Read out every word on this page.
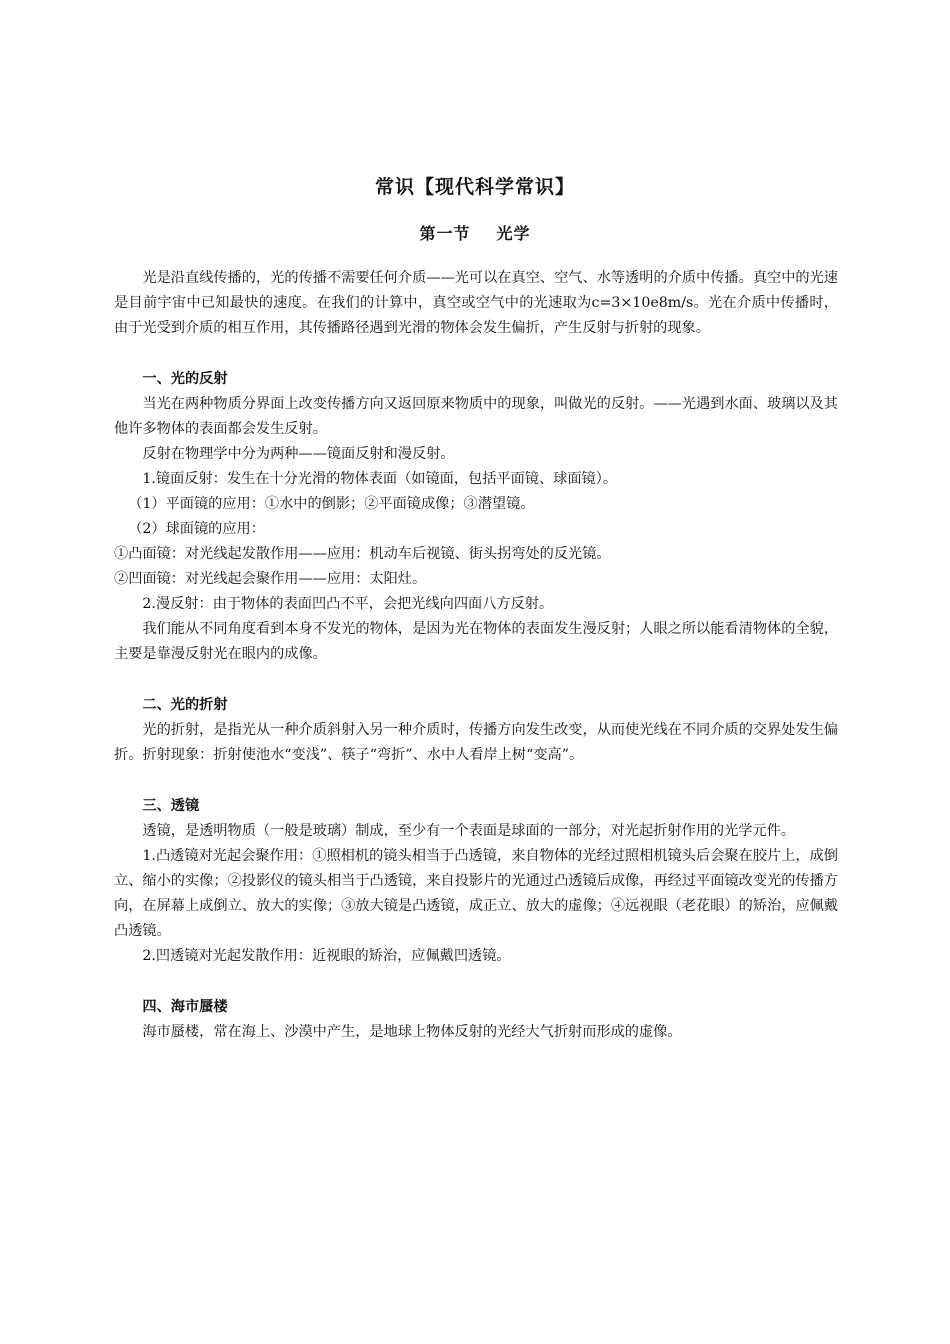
常识【现代科学常识】
第一节 光学

光是沿直线传播的，光的传播不需要任何介质——光可以在真空、空气、水等透明的介质中传播。真空中的光速是目前宇宙中已知最快的速度。在我们的计算中，真空或空气中的光速取为c=3×10e8m/s。光在介质中传播时，由于光受到介质的相互作用，其传播路径遇到光滑的物体会发生偏折，产生反射与折射的现象。

一、光的反射

当光在两种物质分界面上改变传播方向又返回原来物质中的现象，叫做光的反射。——光遇到水面、玻璃以及其他许多物体的表面都会发生反射。

反射在物理学中分为两种——镜面反射和漫反射。

1.镜面反射：发生在十分光滑的物体表面（如镜面，包括平面镜、球面镜）。

（1）平面镜的应用：①水中的倒影；②平面镜成像；③潜望镜。

（2）球面镜的应用：

①凸面镜：对光线起发散作用——应用：机动车后视镜、街头拐弯处的反光镜。

②凹面镜：对光线起会聚作用——应用：太阳灶。

2.漫反射：由于物体的表面凹凸不平，会把光线向四面八方反射。

我们能从不同角度看到本身不发光的物体，是因为光在物体的表面发生漫反射；人眼之所以能看清物体的全貌，主要是靠漫反射光在眼内的成像。

二、光的折射

光的折射，是指光从一种介质斜射入另一种介质时，传播方向发生改变，从而使光线在不同介质的交界处发生偏折。折射现象：折射使池水“变浅”、筷子“弯折”、水中人看岸上树“变高”。

三、透镜

透镜，是透明物质（一般是玻璃）制成，至少有一个表面是球面的一部分，对光起折射作用的光学元件。

1.凸透镜对光起会聚作用：①照相机的镜头相当于凸透镜，来自物体的光经过照相机镜头后会聚在胶片上，成倒立、缩小的实像；②投影仪的镜头相当于凸透镜，来自投影片的光通过凸透镜后成像，再经过平面镜改变光的传播方向，在屏幕上成倒立、放大的实像；③放大镜是凸透镜，成正立、放大的虚像；④远视眼（老花眼）的矫治，应佩戴凸透镜。

2.凹透镜对光起发散作用：近视眼的矫治，应佩戴凹透镜。

四、海市蜃楼

海市蜃楼，常在海上、沙漠中产生，是地球上物体反射的光经大气折射而形成的虚像。
